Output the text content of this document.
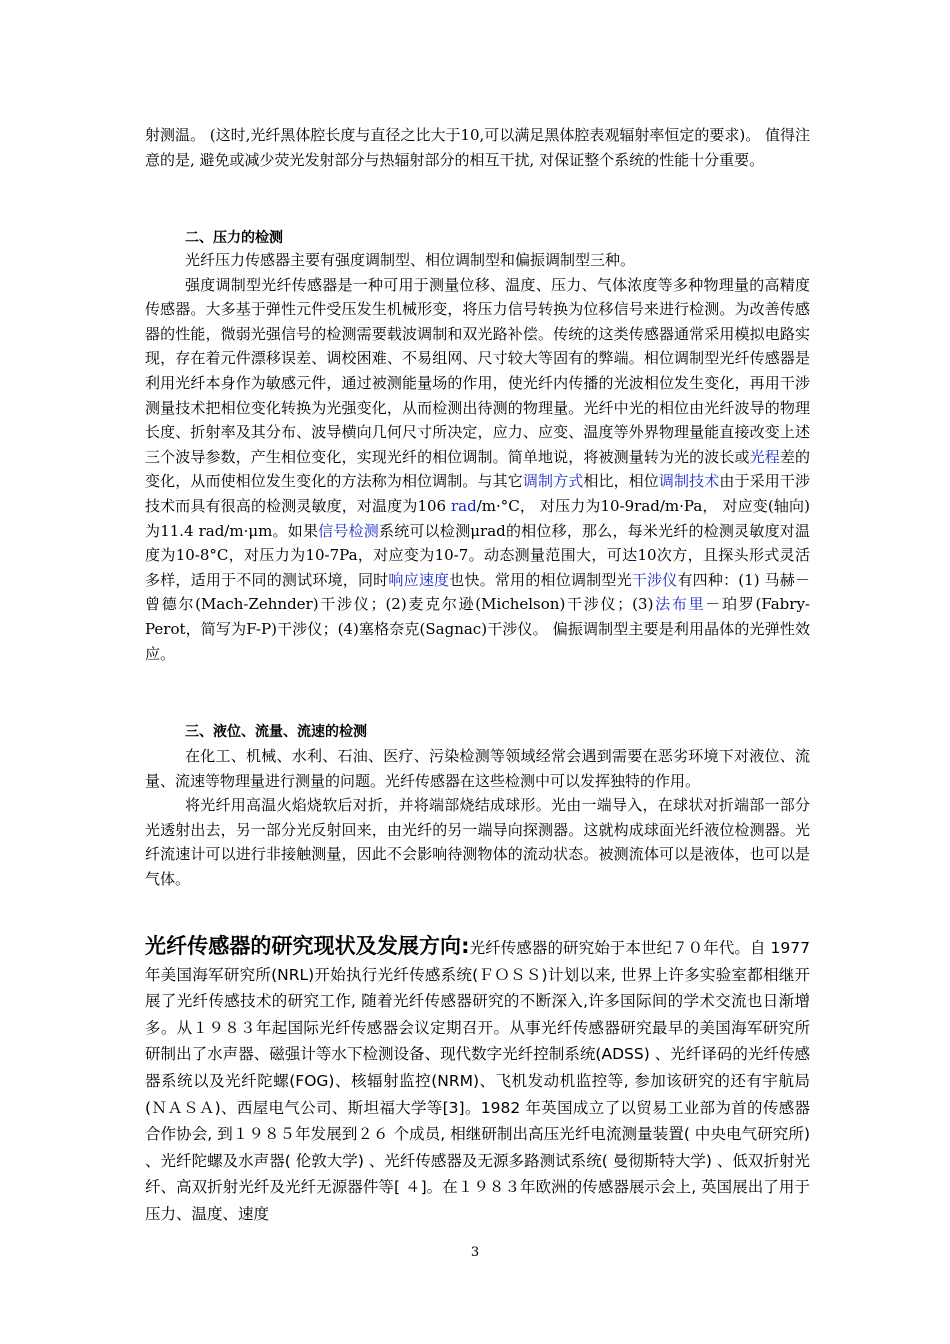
射测温。 (这时,光纤黑体腔长度与直径之比大于10,可以满足黑体腔表观辐射率恒定的要求)。 值得注意的是, 避免或减少荧光发射部分与热辐射部分的相互干扰, 对保证整个系统的性能十分重要。
二、压力的检测
光纤压力传感器主要有强度调制型、相位调制型和偏振调制型三种。
强度调制型光纤传感器是一种可用于测量位移、温度、压力、气体浓度等多种物理量的高精度传感器。大多基于弹性元件受压发生机械形变，将压力信号转换为位移信号来进行检测。为改善传感器的性能，微弱光强信号的检测需要载波调制和双光路补偿。传统的这类传感器通常采用模拟电路实现，存在着元件漂移误差、调校困难、不易组网、尺寸较大等固有的弊端。相位调制型光纤传感器是利用光纤本身作为敏感元件，通过被测能量场的作用，使光纤内传播的光波相位发生变化，再用干涉测量技术把相位变化转换为光强变化，从而检测出待测的物理量。光纤中光的相位由光纤波导的物理长度、折射率及其分布、波导横向几何尺寸所决定，应力、应变、温度等外界物理量能直接改变上述三个波导参数，产生相位变化，实现光纤的相位调制。简单地说，将被测量转为光的波长或光程差的变化，从而使相位发生变化的方法称为相位调制。与其它调制方式相比，相位调制技术由于采用干涉技术而具有很高的检测灵敏度，对温度为106 rad/m·°C， 对压力为10-9rad/m·Pa， 对应变(轴向)为11.4 rad/m·μm。如果信号检测系统可以检测μrad的相位移，那么，每米光纤的检测灵敏度对温度为10-8°C，对压力为10-7Pa，对应变为10-7。动态测量范围大，可达10次方，且探头形式灵活多样，适用于不同的测试环境，同时响应速度也快。常用的相位调制型光干涉仪有四种：(1) 马赫－曾德尔(Mach-Zehnder)干涉仪；(2)麦克尔逊(Michelson)干涉仪；(3)法布里－珀罗(Fabry-Perot，简写为F-P)干涉仪；(4)塞格奈克(Sagnac)干涉仪。 偏振调制型主要是利用晶体的光弹性效应。
三、液位、流量、流速的检测
在化工、机械、水利、石油、医疗、污染检测等领域经常会遇到需要在恶劣环境下对液位、流量、流速等物理量进行测量的问题。光纤传感器在这些检测中可以发挥独特的作用。
将光纤用高温火焰烧软后对折，并将端部烧结成球形。光由一端导入，在球状对折端部一部分光透射出去，另一部分光反射回来，由光纤的另一端导向探测器。这就构成球面光纤液位检测器。光纤流速计可以进行非接触测量，因此不会影响待测物体的流动状态。被测流体可以是液体，也可以是气体。
光纤传感器的研究现状及发展方向:光纤传感器的研究始于本世纪７０年代。自 1977 年美国海军研究所(NRL)开始执行光纤传感系统(ＦＯＳＳ)计划以来, 世界上许多实验室都相继开展了光纤传感技术的研究工作, 随着光纤传感器研究的不断深入,许多国际间的学术交流也日渐增多。从１９８３年起国际光纤传感器会议定期召开。从事光纤传感器研究最早的美国海军研究所研制出了水声器、磁强计等水下检测设备、现代数字光纤控制系统(ADSS) 、光纤译码的光纤传感器系统以及光纤陀螺(FOG)、核辐射监控(NRM)、飞机发动机监控等, 参加该研究的还有宇航局(ＮＡＳＡ)、西屋电气公司、斯坦福大学等[3]。1982 年英国成立了以贸易工业部为首的传感器合作协会, 到１９８５年发展到２６ 个成员, 相继研制出高压光纤电流测量装置( 中央电气研究所) 、光纤陀螺及水声器( 伦敦大学) 、光纤传感器及无源多路测试系统( 曼彻斯特大学) 、低双折射光纤、高双折射光纤及光纤无源器件等[ ４]。在１９８３年欧洲的传感器展示会上, 英国展出了用于压力、温度、速度
3
